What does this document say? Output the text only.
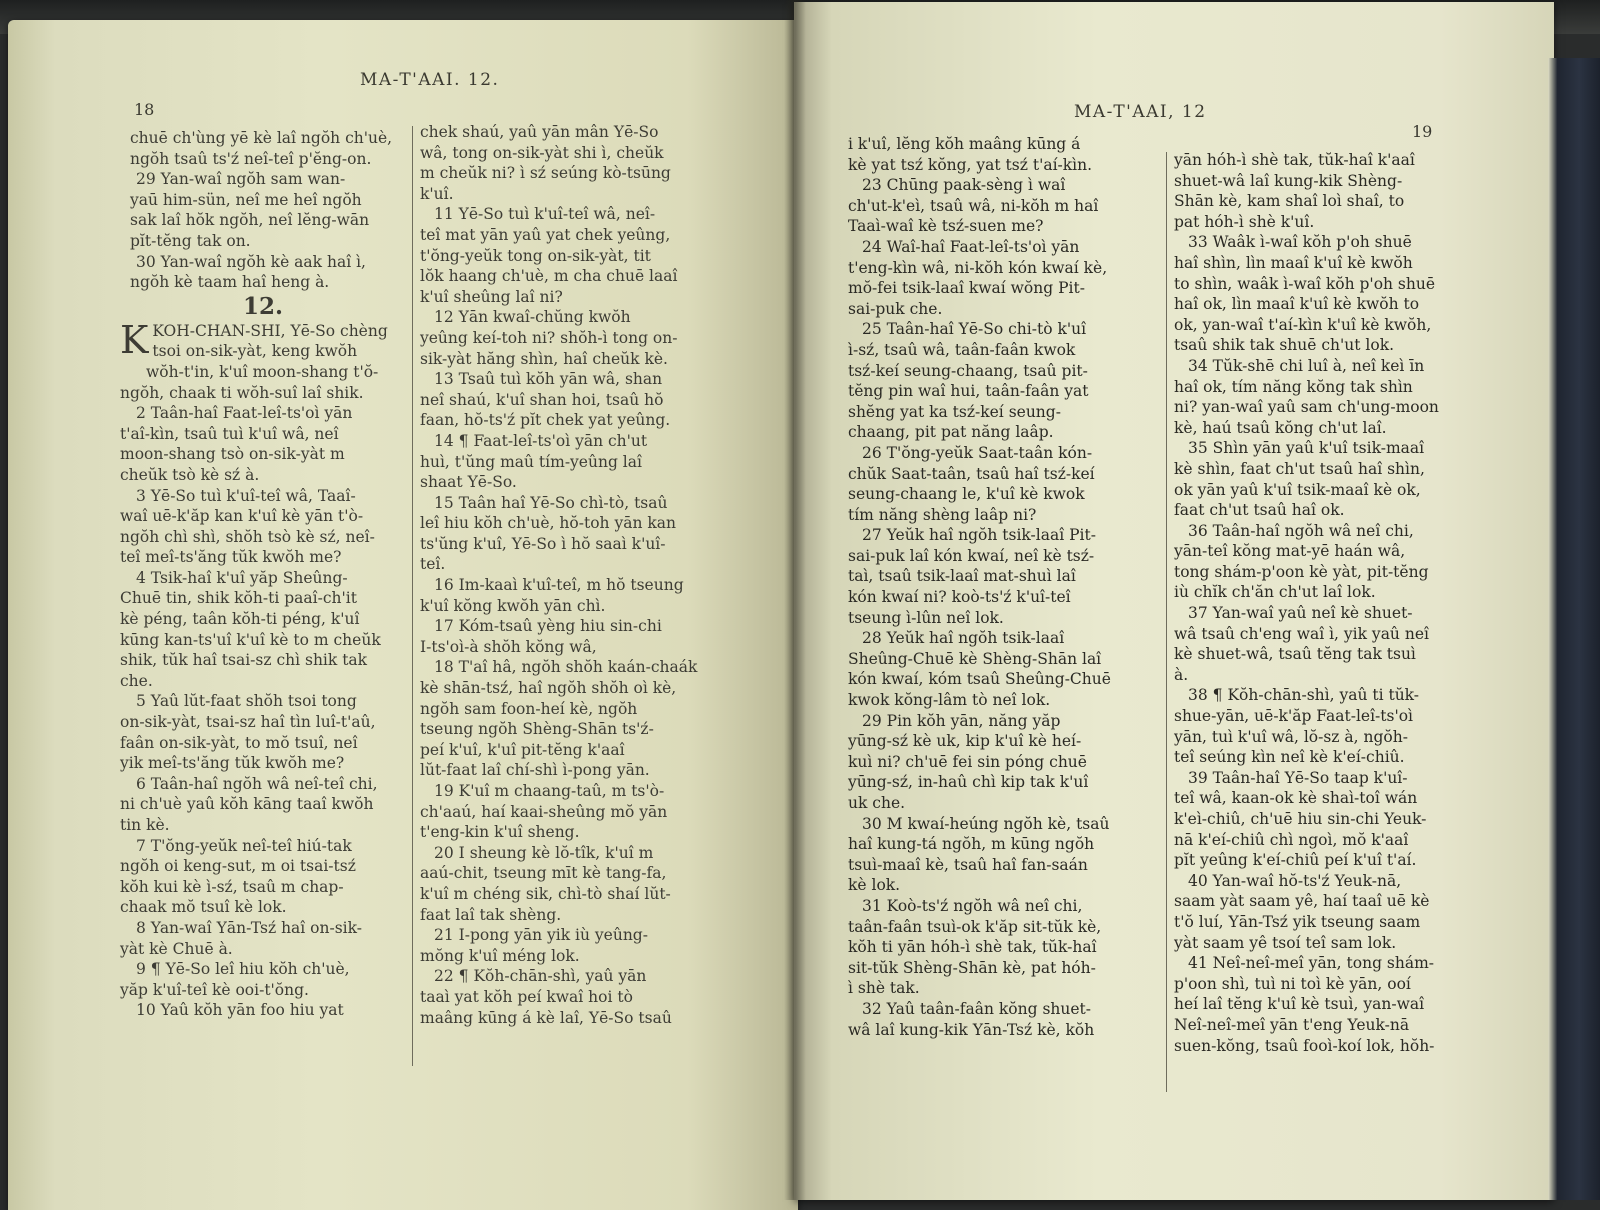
MA-T'AAI. 12.
18

chuē ch'ùng yē kè laî ngŏh ch'uè,

ngŏh tsaû ts'ź neî-teî p'ĕng-on.

29 Yan-waî ngŏh sam wan-

yaū him-sün, neî me heî ngŏh

sak laî hŏk ngŏh, neî lĕng-wān

pĭt-tĕng tak on.

30 Yan-waî ngŏh kè aak haî ì,

ngŏh kè taam haî heng à.

12.

KKOH-CHAN-SHI, Yē-So chèng

tsoi on-sik-yàt, keng kwŏh

wŏh-t'in, k'uî moon-shang t'ŏ-

ngŏh, chaak ti wŏh-suî laî shik.

2 Taân-haî Faat-leî-ts'oì yān

t'aî-kìn, tsaû tuì k'uî wâ, neî

moon-shang tsò on-sik-yàt m

cheŭk tsò kè sź à.

3 Yē-So tuì k'uî-teî wâ, Taaî-

waî uē-k'ăp kan k'uî kè yān t'ò-

ngŏh chì shì, shŏh tsò kè sź, neî-

teî meî-ts'ăng tŭk kwŏh me?

4 Tsik-haî k'uî yăp Sheûng-

Chuē tin, shik kŏh-ti paaî-ch'it

kè péng, taân kŏh-ti péng, k'uî

kūng kan-ts'uî k'uî kè to m cheŭk

shik, tŭk haî tsai-sz chì shik tak

che.

5 Yaû lŭt-faat shŏh tsoi tong

on-sik-yàt, tsai-sz haî tìn luî-t'aû,

faân on-sik-yàt, to mŏ tsuî, neî

yik meî-ts'ăng tŭk kwŏh me?

6 Taân-haî ngŏh wâ neî-teî chi,

ni ch'uè yaû kŏh kāng taaî kwŏh

tin kè.

7 T'ŏng-yeŭk neî-teî hiú-tak

ngŏh oi keng-sut, m oi tsai-tsź

kŏh kui kè ì-sź, tsaû m chap-

chaak mŏ tsuî kè lok.

8 Yan-waî Yān-Tsź haî on-sik-

yàt kè Chuē à.

9 ¶ Yē-So leî hiu kŏh ch'uè,

yăp k'uî-teî kè ooi-t'ŏng.

10 Yaû kŏh yān foo hiu yat

chek shaú, yaû yān mân Yē-So

wâ, tong on-sik-yàt shi ì, cheŭk

m cheŭk ni? ì sź seúng kò-tsūng

k'uî.

11 Yē-So tuì k'uî-teî wâ, neî-

teî mat yān yaû yat chek yeûng,

t'ŏng-yeŭk tong on-sik-yàt, tit

lŏk haang ch'uè, m cha chuē laaî

k'uî sheûng laî ni?

12 Yān kwaî-chŭng kwŏh

yeûng keí-toh ni? shŏh-ì tong on-

sik-yàt hăng shìn, haî cheŭk kè.

13 Tsaû tuì kŏh yān wâ, shan

neî shaú, k'uî shan hoi, tsaû hŏ

faan, hŏ-ts'ź pĭt chek yat yeûng.

14 ¶ Faat-leî-ts'oì yān ch'ut

huì, t'ŭng maû tím-yeûng laî

shaat Yē-So.

15 Taân haî Yē-So chì-tò, tsaû

leî hiu kŏh ch'uè, hŏ-toh yān kan

ts'ŭng k'uî, Yē-So ì hŏ saaì k'uî-

teî.

16 Im-kaaì k'uî-teî, m hŏ tseung

k'uî kŏng kwŏh yān chì.

17 Kóm-tsaû yèng hiu sin-chi

I-ts'oì-à shŏh kŏng wâ,

18 T'aî hâ, ngŏh shŏh kaán-chaák

kè shān-tsź, haî ngŏh shŏh oì kè,

ngŏh sam foon-heí kè, ngŏh

tseung ngŏh Shèng-Shān ts'ź-

peí k'uî, k'uî pit-tĕng k'aaî

lŭt-faat laî chí-shì ì-pong yān.

19 K'uî m chaang-taû, m ts'ò-

ch'aaú, haí kaai-sheûng mŏ yān

t'eng-kin k'uî sheng.

20 I sheung kè lŏ-tîk, k'uî m

aaú-chit, tseung mīt kè tang-fa,

k'uî m chéng sik, chì-tò shaí lŭt-

faat laî tak shèng.

21 I-pong yān yik iù yeûng-

mŏng k'uî méng lok.

22 ¶ Kŏh-chān-shì, yaû yān

taaì yat kŏh peí kwaî hoi tò

maâng kūng á kè laî, Yē-So tsaû

MA-T'AAI, 12
19

i k'uî, lĕng kŏh maâng kūng á

kè yat tsź kŏng, yat tsź t'aí-kìn.

23 Chūng paak-sèng ì waî

ch'ut-k'eì, tsaû wâ, ni-kŏh m haî

Taaì-waî kè tsź-suen me?

24 Waî-haî Faat-leî-ts'oì yān

t'eng-kìn wâ, ni-kŏh kón kwaí kè,

mŏ-fei tsik-laaî kwaí wŏng Pit-

sai-puk che.

25 Taân-haî Yē-So chi-tò k'uî

ì-sź, tsaû wâ, taân-faân kwok

tsź-keí seung-chaang, tsaû pit-

tĕng pin waî hui, taân-faân yat

shĕng yat ka tsź-keí seung-

chaang, pit pat năng laâp.

26 T'ŏng-yeŭk Saat-taân kón-

chŭk Saat-taân, tsaû haî tsź-keí

seung-chaang le, k'uî kè kwok

tím năng shèng laâp ni?

27 Yeŭk haî ngŏh tsik-laaî Pit-

sai-puk laî kón kwaí, neî kè tsź-

taì, tsaû tsik-laaî mat-shuì laî

kón kwaí ni? koò-ts'ź k'uî-teî

tseung ì-lûn neî lok.

28 Yeŭk haî ngŏh tsik-laaî

Sheûng-Chuē kè Shèng-Shān laî

kón kwaí, kóm tsaû Sheûng-Chuē

kwok kŏng-lâm tò neî lok.

29 Pin kŏh yān, năng yăp

yūng-sź kè uk, kip k'uî kè heí-

kuì ni? ch'uē fei sin póng chuē

yūng-sź, in-haû chì kip tak k'uî

uk che.

30 M kwaí-heúng ngŏh kè, tsaû

haî kung-tá ngŏh, m kūng ngŏh

tsuì-maaî kè, tsaû haî fan-saán

kè lok.

31 Koò-ts'ź ngŏh wâ neî chi,

taân-faân tsuì-ok k'ăp sit-tŭk kè,

kŏh ti yān hóh-ì shè tak, tŭk-haî

sit-tŭk Shèng-Shān kè, pat hóh-

ì shè tak.

32 Yaû taân-faân kŏng shuet-

wâ laî kung-kik Yān-Tsź kè, kŏh

yān hóh-ì shè tak, tŭk-haî k'aaî

shuet-wâ laî kung-kik Shèng-

Shān kè, kam shaî loì shaî, to

pat hóh-ì shè k'uî.

33 Waâk ì-waî kŏh p'oh shuē

haî shìn, lìn maaî k'uî kè kwŏh

to shìn, waâk ì-waî kŏh p'oh shuē

haî ok, lìn maaî k'uî kè kwŏh to

ok, yan-waî t'aí-kìn k'uî kè kwŏh,

tsaû shik tak shuē ch'ut lok.

34 Tŭk-shē chi luî à, neî keì īn

haî ok, tím năng kŏng tak shìn

ni? yan-waî yaû sam ch'ung-moon

kè, haú tsaû kŏng ch'ut laî.

35 Shìn yān yaû k'uî tsik-maaî

kè shìn, faat ch'ut tsaû haî shìn,

ok yān yaû k'uî tsik-maaî kè ok,

faat ch'ut tsaû haî ok.

36 Taân-haî ngŏh wâ neî chi,

yān-teî kŏng mat-yē haán wâ,

tong shám-p'oon kè yàt, pit-tĕng

iù chĭk ch'ăn ch'ut laî lok.

37 Yan-waî yaû neî kè shuet-

wâ tsaû ch'eng waî ì, yik yaû neî

kè shuet-wâ, tsaû tĕng tak tsuì

à.

38 ¶ Kŏh-chān-shì, yaû ti tŭk-

shue-yān, uē-k'ăp Faat-leî-ts'oì

yān, tuì k'uî wâ, lŏ-sz à, ngŏh-

teî seúng kìn neî kè k'eí-chiû.

39 Taân-haî Yē-So taap k'uî-

teî wâ, kaan-ok kè shaì-toî wán

k'eì-chiû, ch'uē hiu sin-chi Yeuk-

nā k'eí-chiû chì ngoì, mŏ k'aaî

pĭt yeûng k'eí-chiû peí k'uî t'aí.

40 Yan-waî hŏ-ts'ź Yeuk-nā,

saam yàt saam yê, haí taaî uē kè

t'ŏ luí, Yān-Tsź yik tseung saam

yàt saam yê tsoí teî sam lok.

41 Neî-neî-meî yān, tong shám-

p'oon shì, tuì ni toì kè yān, ooí

heí laî tĕng k'uî kè tsuì, yan-waî

Neî-neî-meî yān t'eng Yeuk-nā

suen-kŏng, tsaû fooì-koí lok, hŏh-
